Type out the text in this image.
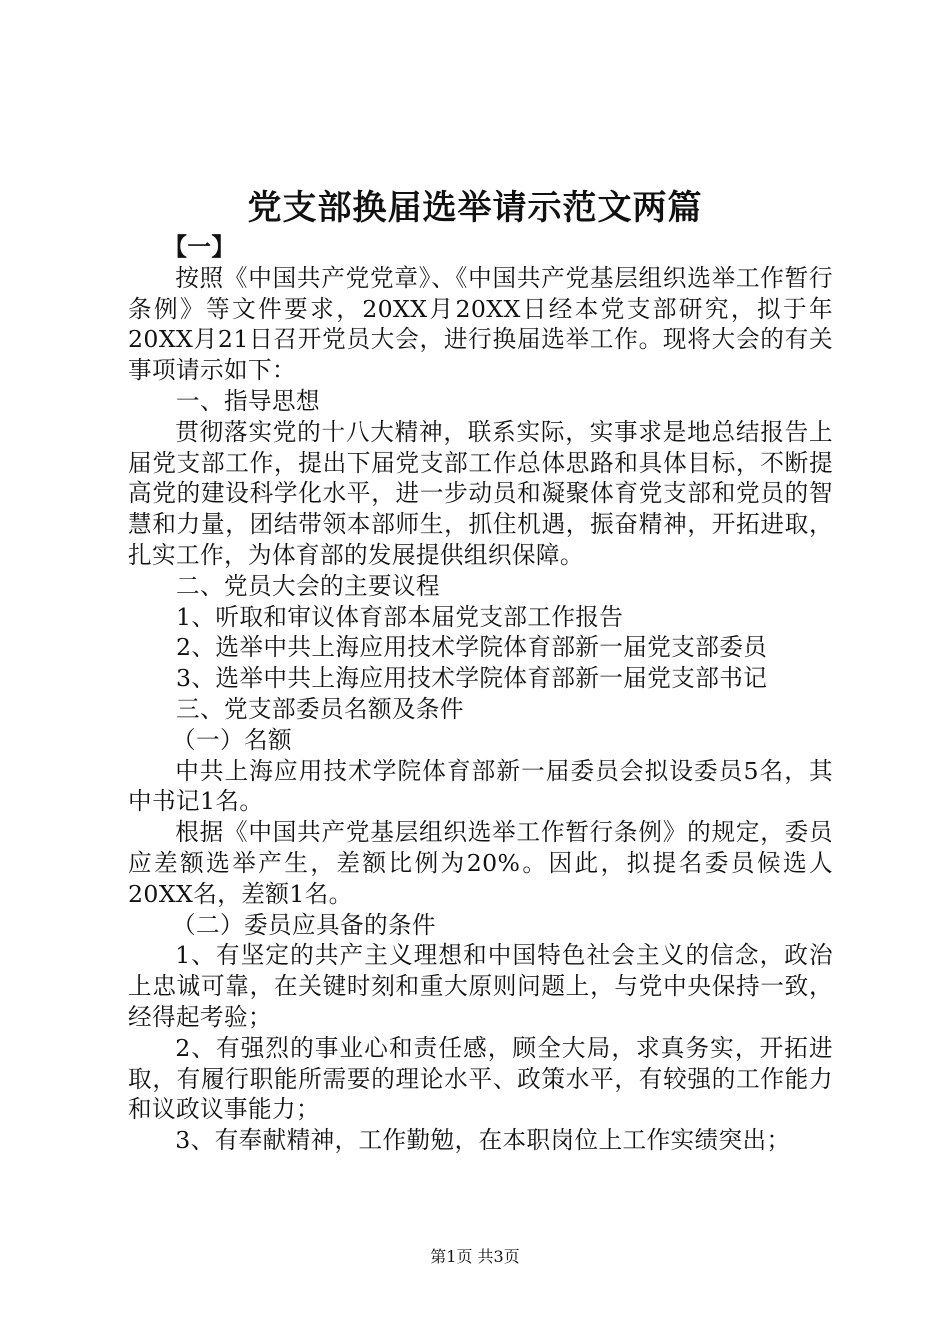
党支部换届选举请示范文两篇

【一】

按照《中国共产党党章》、《中国共产党基层组织选举工作暂行条例》等文件要求，20XX月20XX日经本党支部研究，拟于年20XX月21日召开党员大会，进行换届选举工作。现将大会的有关事项请示如下：

一、指导思想

贯彻落实党的十八大精神，联系实际，实事求是地总结报告上届党支部工作，提出下届党支部工作总体思路和具体目标，不断提高党的建设科学化水平，进一步动员和凝聚体育党支部和党员的智慧和力量，团结带领本部师生，抓住机遇，振奋精神，开拓进取，扎实工作，为体育部的发展提供组织保障。

二、党员大会的主要议程

1、听取和审议体育部本届党支部工作报告

2、选举中共上海应用技术学院体育部新一届党支部委员

3、选举中共上海应用技术学院体育部新一届党支部书记

三、党支部委员名额及条件

（一）名额

中共上海应用技术学院体育部新一届委员会拟设委员5名，其中书记1名。

根据《中国共产党基层组织选举工作暂行条例》的规定，委员应差额选举产生，差额比例为20%。因此，拟提名委员候选人20XX名，差额1名。

（二）委员应具备的条件

1、有坚定的共产主义理想和中国特色社会主义的信念，政治上忠诚可靠，在关键时刻和重大原则问题上，与党中央保持一致，经得起考验；

2、有强烈的事业心和责任感，顾全大局，求真务实，开拓进取，有履行职能所需要的理论水平、政策水平，有较强的工作能力和议政议事能力；

3、有奉献精神，工作勤勉，在本职岗位上工作实绩突出；

第1页 共3页
